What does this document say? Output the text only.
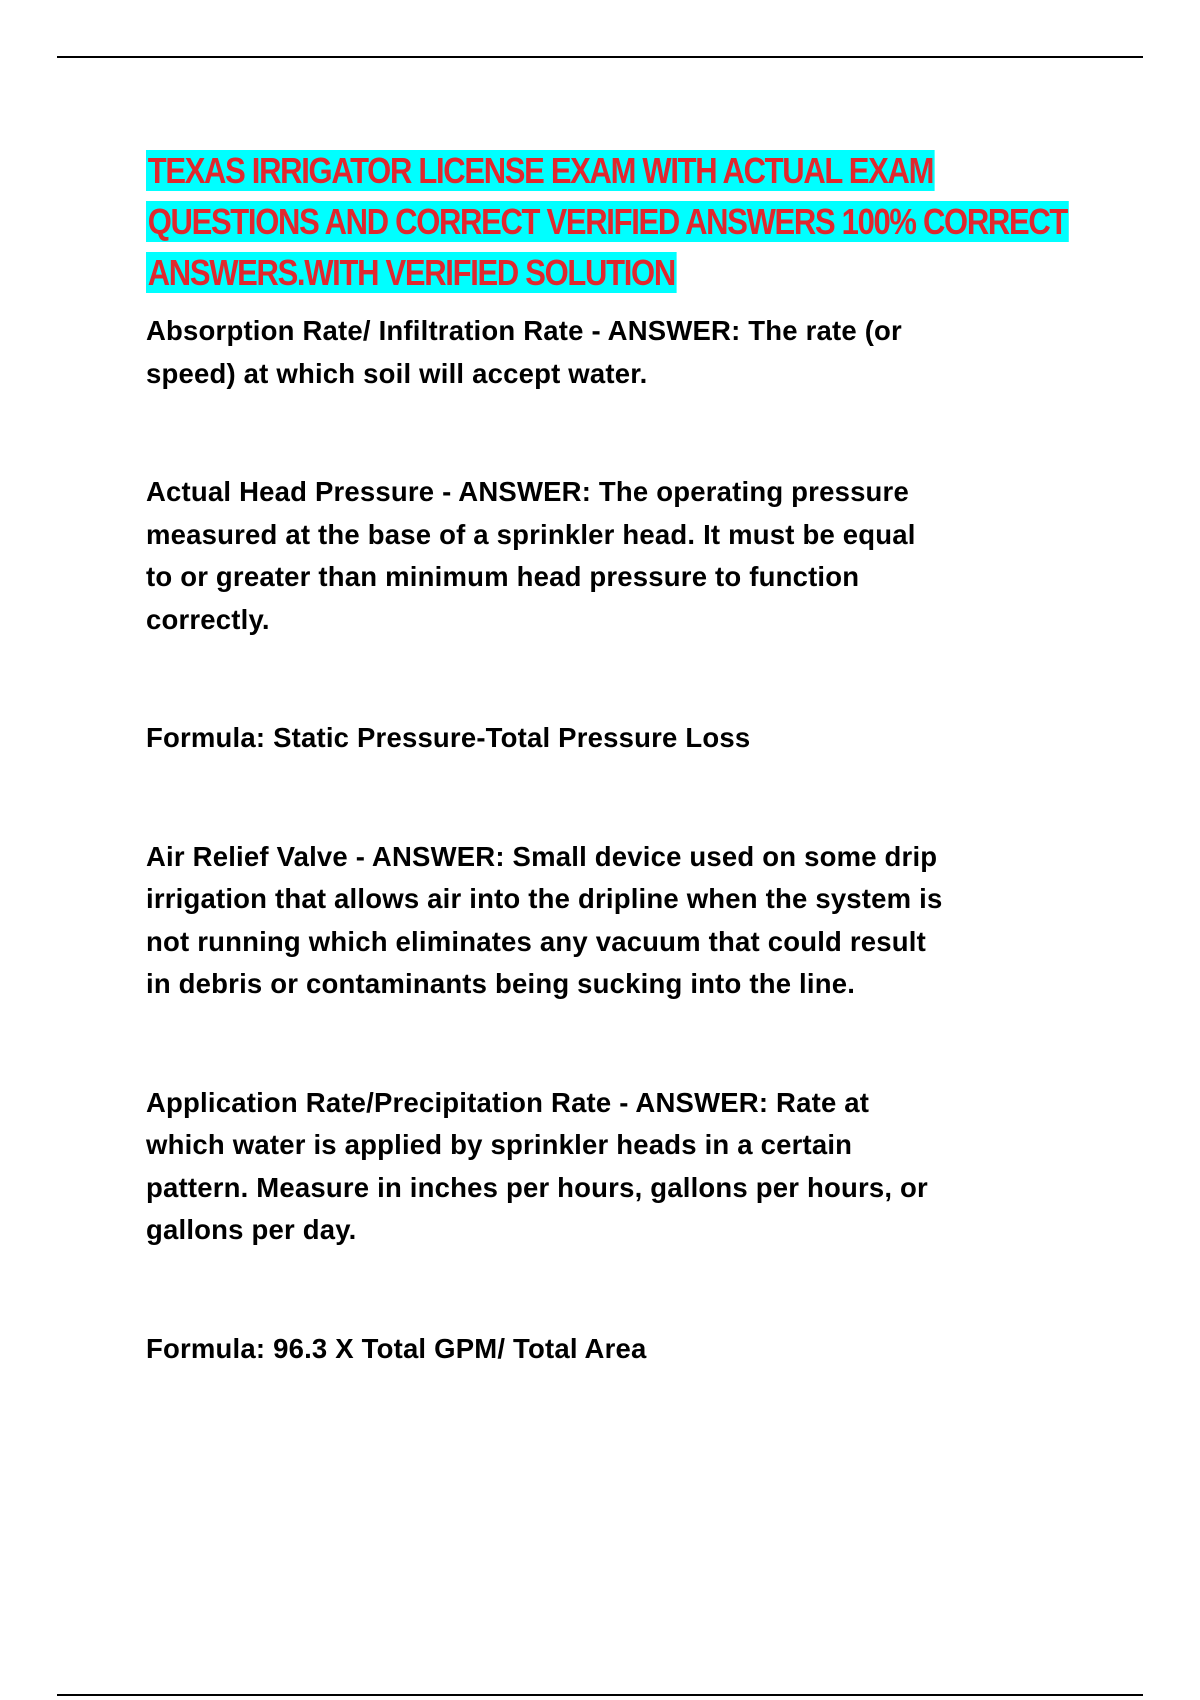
TEXAS IRRIGATOR LICENSE EXAM WITH ACTUAL EXAM
QUESTIONS AND CORRECT VERIFIED ANSWERS 100% CORRECT
ANSWERS.WITH VERIFIED SOLUTION

Absorption Rate/ Infiltration Rate - ANSWER: The rate (or
speed) at which soil will accept water.

Actual Head Pressure - ANSWER: The operating pressure
measured at the base of a sprinkler head. It must be equal
to or greater than minimum head pressure to function
correctly.

Formula: Static Pressure-Total Pressure Loss

Air Relief Valve - ANSWER: Small device used on some drip
irrigation that allows air into the dripline when the system is
not running which eliminates any vacuum that could result
in debris or contaminants being sucking into the line.

Application Rate/Precipitation Rate - ANSWER: Rate at
which water is applied by sprinkler heads in a certain
pattern. Measure in inches per hours, gallons per hours, or
gallons per day.

Formula: 96.3 X Total GPM/ Total Area
